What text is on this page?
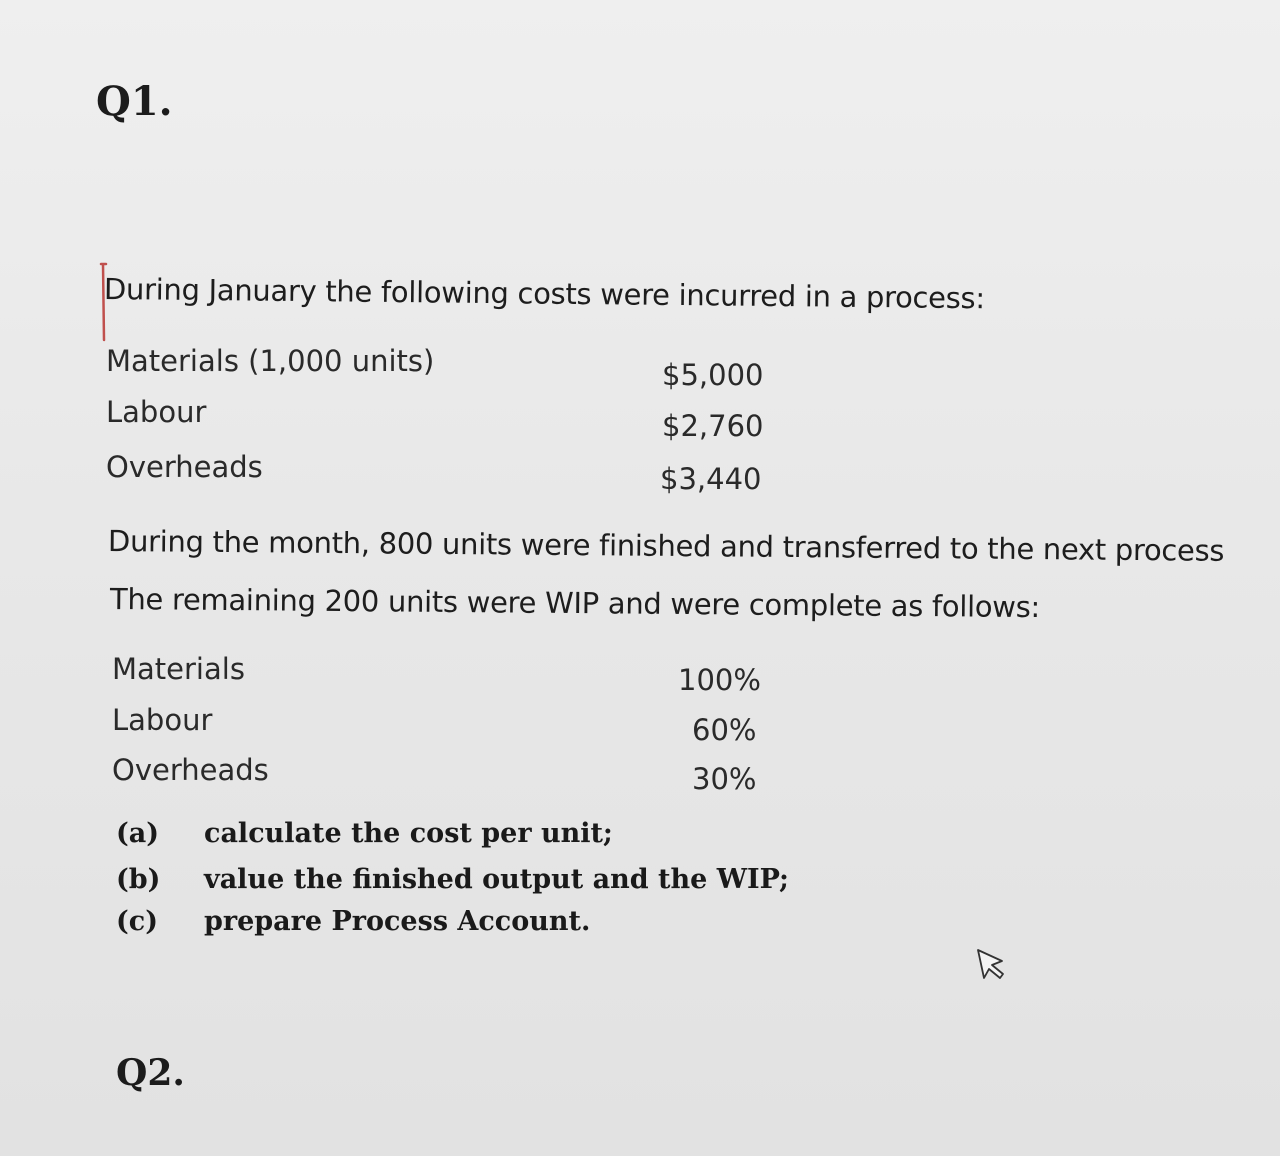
Q1.
During January the following costs were incurred in a process:
Materials (1,000 units)	$5,000
Labour	$2,760
Overheads	$3,440
During the month, 800 units were finished and transferred to the next process
The remaining 200 units were WIP and were complete as follows:
Materials	100%
Labour	60%
Overheads	30%
(a) calculate the cost per unit;
(b) value the finished output and the WIP;
(c) prepare Process Account.
Q2.
